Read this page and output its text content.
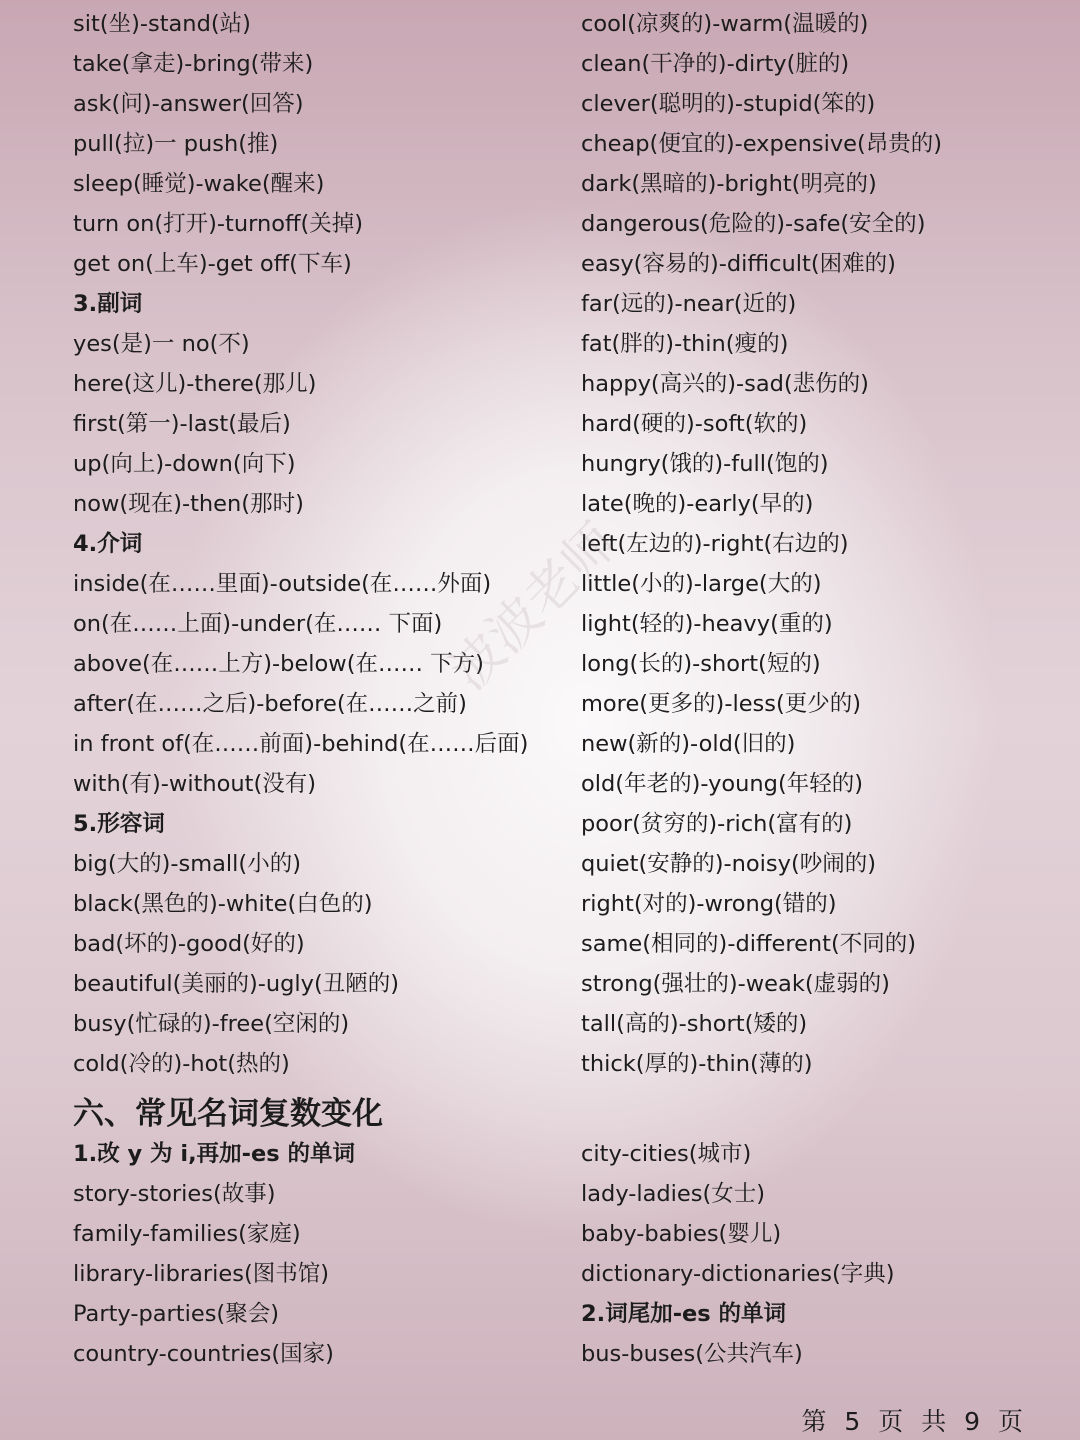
sit(坐)-stand(站)
take(拿走)-bring(带来)
ask(问)-answer(回答)
pull(拉)一 push(推)
sleep(睡觉)-wake(醒来)
turn on(打开)-turnoff(关掉)
get on(上车)-get off(下车)
3.副词
yes(是)一 no(不)
here(这儿)-there(那儿)
first(第一)-last(最后)
up(向上)-down(向下)
now(现在)-then(那时)
4.介词
inside(在……里面)-outside(在……外面)
on(在……上面)-under(在…… 下面)
above(在……上方)-below(在…… 下方)
after(在……之后)-before(在……之前)
in front of(在……前面)-behind(在……后面)
with(有)-without(没有)
5.形容词
big(大的)-small(小的)
black(黑色的)-white(白色的)
bad(坏的)-good(好的)
beautiful(美丽的)-ugly(丑陋的)
busy(忙碌的)-free(空闲的)
cold(冷的)-hot(热的)
六、常见名词复数变化
1.改 y 为 i,再加-es 的单词
story-stories(故事)
family-families(家庭)
library-libraries(图书馆)
Party-parties(聚会)
country-countries(国家)
cool(凉爽的)-warm(温暖的)
clean(干净的)-dirty(脏的)
clever(聪明的)-stupid(笨的)
cheap(便宜的)-expensive(昂贵的)
dark(黑暗的)-bright(明亮的)
dangerous(危险的)-safe(安全的)
easy(容易的)-difficult(困难的)
far(远的)-near(近的)
fat(胖的)-thin(瘦的)
happy(高兴的)-sad(悲伤的)
hard(硬的)-soft(软的)
hungry(饿的)-full(饱的)
late(晚的)-early(早的)
left(左边的)-right(右边的)
little(小的)-large(大的)
light(轻的)-heavy(重的)
long(长的)-short(短的)
more(更多的)-less(更少的)
new(新的)-old(旧的)
old(年老的)-young(年轻的)
poor(贫穷的)-rich(富有的)
quiet(安静的)-noisy(吵闹的)
right(对的)-wrong(错的)
same(相同的)-different(不同的)
strong(强壮的)-weak(虚弱的)
tall(高的)-short(矮的)
thick(厚的)-thin(薄的)
city-cities(城市)
lady-ladies(女士)
baby-babies(婴儿)
dictionary-dictionaries(字典)
2.词尾加-es 的单词
bus-buses(公共汽车)
波波老师
第 5 页 共 9 页
